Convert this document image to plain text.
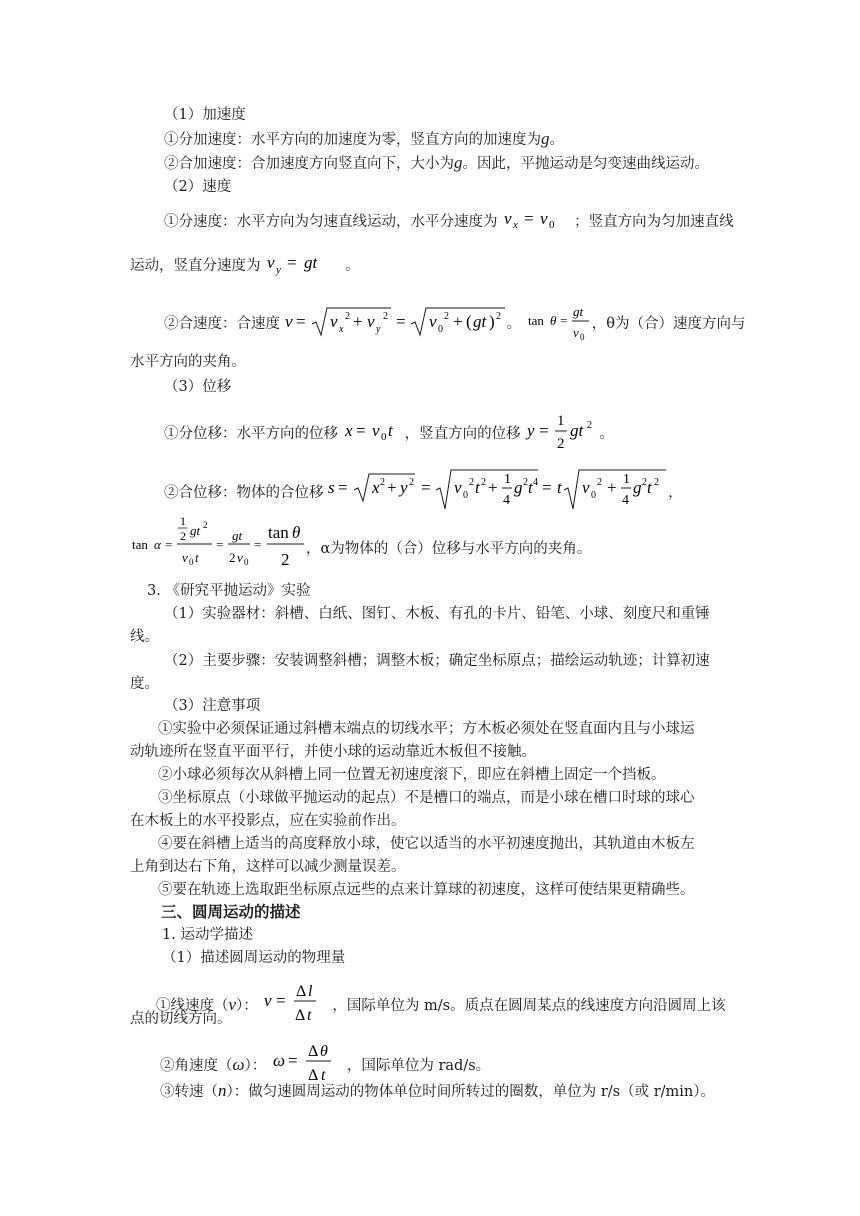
（1）加速度
①分加速度：水平方向的加速度为零，竖直方向的加速度为g。
②合加速度：合加速度方向竖直向下，大小为g。因此，平抛运动是匀变速曲线运动。
（2）速度
①分速度：水平方向为匀速直线运动，水平分速度为 v x = v 0 ；竖直方向为匀加速直线
运动，竖直分速度为 v y = gt 。
②合速度：合速度 v = v x
2 + v y
2 = v 0
2 + ( gt ) 2 。 tan θ =
gt
v 0
，θ为（合）速度方向与
水平方向的夹角。
（3）位移
①分位移：水平方向的位移 x = v 0 t ，竖直方向的位移 y = 1
2
gt 2
。
②合位移：物体的合位移 s = x 2 + y 2 = v 0
2 t 2 + 1
4
g 2 t 4 = t v 0
2 + 1
4
g 2 t 2
，
tan α =
1
2 gt 2
v 0 t
=
gt
2 v 0
=
tan θ
2
，α为物体的（合）位移与水平方向的夹角。
3. 《研究平抛运动》实验
（1）实验器材：斜槽、白纸、图钉、木板、有孔的卡片、铅笔、小球、刻度尺和重锤
线。
（2）主要步骤：安装调整斜槽；调整木板；确定坐标原点；描绘运动轨迹；计算初速
度。
（3）注意事项
①实验中必须保证通过斜槽末端点的切线水平；方木板必须处在竖直面内且与小球运
动轨迹所在竖直平面平行，并使小球的运动靠近木板但不接触。
②小球必须每次从斜槽上同一位置无初速度滚下，即应在斜槽上固定一个挡板。
③坐标原点（小球做平抛运动的起点）不是槽口的端点，而是小球在槽口时球的球心
在木板上的水平投影点，应在实验前作出。
④要在斜槽上适当的高度释放小球，使它以适当的水平初速度抛出，其轨道由木板左
上角到达右下角，这样可以减少测量误差。
⑤要在轨迹上选取距坐标原点远些的点来计算球的初速度，这样可使结果更精确些。
三、圆周运动的描述
1. 运动学描述
（1）描述圆周运动的物理量
①线速度（v）： v = Δ l
Δ t
，国际单位为 m/s。质点在圆周某点的线速度方向沿圆周上该
点的切线方向。
②角速度（ω）： ω = Δ θ
Δ t
，国际单位为 rad/s。
③转速（n）：做匀速圆周运动的物体单位时间所转过的圈数，单位为 r/s（或 r/min）。
